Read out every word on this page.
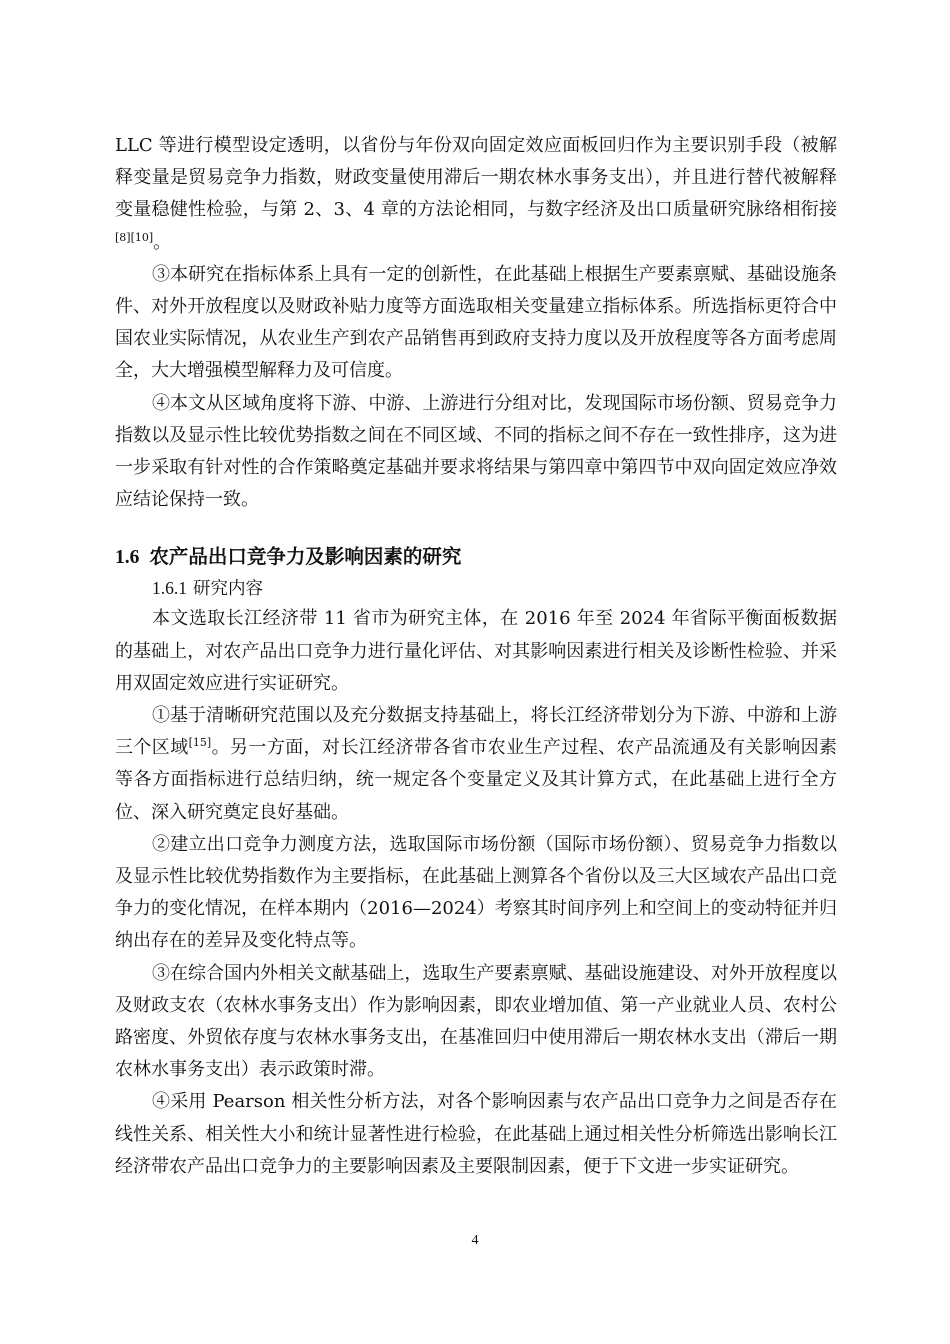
LLC 等进行模型设定透明，以省份与年份双向固定效应面板回归作为主要识别手段（被解释变量是贸易竞争力指数，财政变量使用滞后一期农林水事务支出），并且进行替代被解释变量稳健性检验，与第 2、3、4 章的方法论相同，与数字经济及出口质量研究脉络相衔接[8][10]。

③本研究在指标体系上具有一定的创新性，在此基础上根据生产要素禀赋、基础设施条件、对外开放程度以及财政补贴力度等方面选取相关变量建立指标体系。所选指标更符合中国农业实际情况，从农业生产到农产品销售再到政府支持力度以及开放程度等各方面考虑周全，大大增强模型解释力及可信度。

④本文从区域角度将下游、中游、上游进行分组对比，发现国际市场份额、贸易竞争力指数以及显示性比较优势指数之间在不同区域、不同的指标之间不存在一致性排序，这为进一步采取有针对性的合作策略奠定基础并要求将结果与第四章中第四节中双向固定效应净效应结论保持一致。

1.6 农产品出口竞争力及影响因素的研究
1.6.1 研究内容

本文选取长江经济带 11 省市为研究主体，在 2016 年至 2024 年省际平衡面板数据的基础上，对农产品出口竞争力进行量化评估、对其影响因素进行相关及诊断性检验、并采用双固定效应进行实证研究。

①基于清晰研究范围以及充分数据支持基础上，将长江经济带划分为下游、中游和上游三个区域[15]。另一方面，对长江经济带各省市农业生产过程、农产品流通及有关影响因素等各方面指标进行总结归纳，统一规定各个变量定义及其计算方式，在此基础上进行全方位、深入研究奠定良好基础。

②建立出口竞争力测度方法，选取国际市场份额（国际市场份额）、贸易竞争力指数以及显示性比较优势指数作为主要指标，在此基础上测算各个省份以及三大区域农产品出口竞争力的变化情况，在样本期内（2016—2024）考察其时间序列上和空间上的变动特征并归纳出存在的差异及变化特点等。

③在综合国内外相关文献基础上，选取生产要素禀赋、基础设施建设、对外开放程度以及财政支农（农林水事务支出）作为影响因素，即农业增加值、第一产业就业人员、农村公路密度、外贸依存度与农林水事务支出，在基准回归中使用滞后一期农林水支出（滞后一期农林水事务支出）表示政策时滞。

④采用 Pearson 相关性分析方法，对各个影响因素与农产品出口竞争力之间是否存在线性关系、相关性大小和统计显著性进行检验，在此基础上通过相关性分析筛选出影响长江经济带农产品出口竞争力的主要影响因素及主要限制因素，便于下文进一步实证研究。

4
